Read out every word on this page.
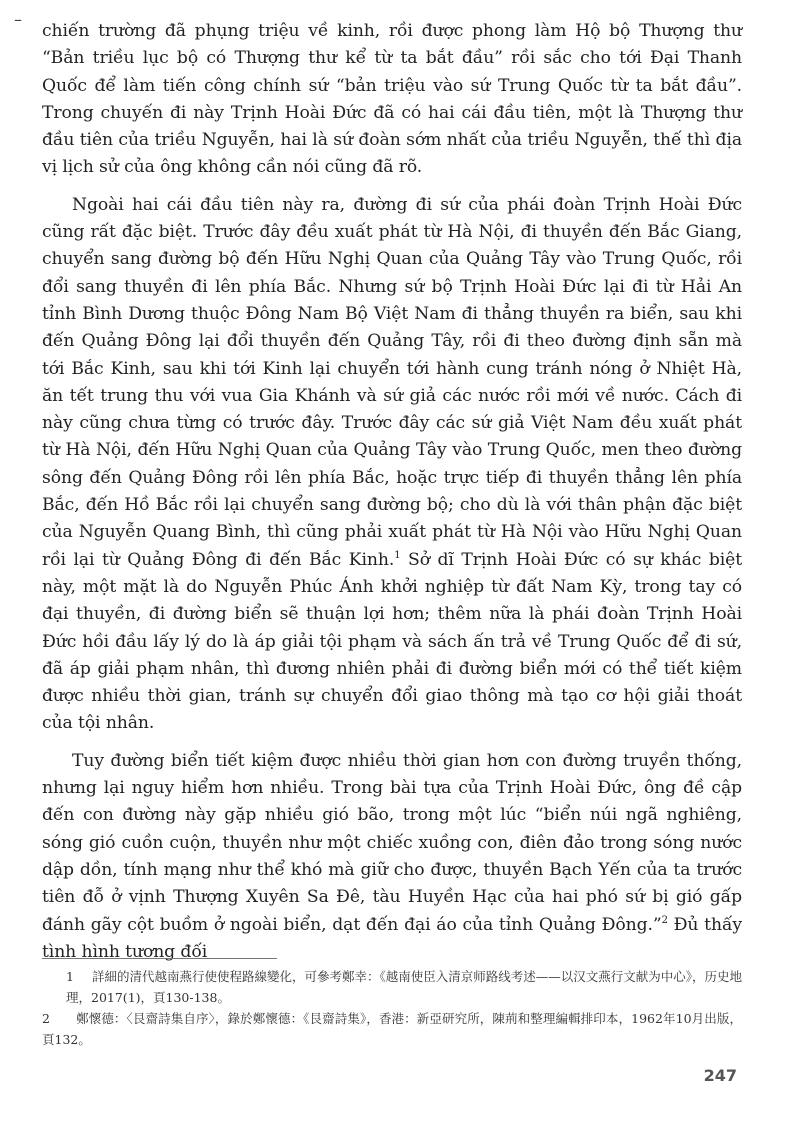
–

chiến trường đã phụng triệu về kinh, rồi được phong làm Hộ bộ Thượng thư “Bản triều lục bộ có Thượng thư kể từ ta bắt đầu” rồi sắc cho tới Đại Thanh Quốc để làm tiến công chính sứ “bản triệu vào sứ Trung Quốc từ ta bắt đầu”. Trong chuyến đi này Trịnh Hoài Đức đã có hai cái đầu tiên, một là Thượng thư đầu tiên của triều Nguyễn, hai là sứ đoàn sớm nhất của triều Nguyễn, thế thì địa vị lịch sử của ông không cần nói cũng đã rõ.

Ngoài hai cái đầu tiên này ra, đường đi sứ của phái đoàn Trịnh Hoài Đức cũng rất đặc biệt. Trước đây đều xuất phát từ Hà Nội, đi thuyền đến Bắc Giang, chuyển sang đường bộ đến Hữu Nghị Quan của Quảng Tây vào Trung Quốc, rồi đổi sang thuyền đi lên phía Bắc. Nhưng sứ bộ Trịnh Hoài Đức lại đi từ Hải An tỉnh Bình Dương thuộc Đông Nam Bộ Việt Nam đi thẳng thuyền ra biển, sau khi đến Quảng Đông lại đổi thuyền đến Quảng Tây, rồi đi theo đường định sẵn mà tới Bắc Kinh, sau khi tới Kinh lại chuyển tới hành cung tránh nóng ở Nhiệt Hà, ăn tết trung thu với vua Gia Khánh và sứ giả các nước rồi mới về nước. Cách đi này cũng chưa từng có trước đây. Trước đây các sứ giả Việt Nam đều xuất phát từ Hà Nội, đến Hữu Nghị Quan của Quảng Tây vào Trung Quốc, men theo đường sông đến Quảng Đông rồi lên phía Bắc, hoặc trực tiếp đi thuyền thẳng lên phía Bắc, đến Hồ Bắc rồi lại chuyển sang đường bộ; cho dù là với thân phận đặc biệt của Nguyễn Quang Bình, thì cũng phải xuất phát từ Hà Nội vào Hữu Nghị Quan rồi lại từ Quảng Đông đi đến Bắc Kinh.$^1$ Sở dĩ Trịnh Hoài Đức có sự khác biệt này, một mặt là do Nguyễn Phúc Ánh khởi nghiệp từ đất Nam Kỳ, trong tay có đại thuyền, đi đường biển sẽ thuận lợi hơn; thêm nữa là phái đoàn Trịnh Hoài Đức hồi đầu lấy lý do là áp giải tội phạm và sách ấn trả về Trung Quốc để đi sứ, đã áp giải phạm nhân, thì đương nhiên phải đi đường biển mới có thể tiết kiệm được nhiều thời gian, tránh sự chuyển đổi giao thông mà tạo cơ hội giải thoát của tội nhân.

Tuy đường biển tiết kiệm được nhiều thời gian hơn con đường truyền thống, nhưng lại nguy hiểm hơn nhiều. Trong bài tựa của Trịnh Hoài Đức, ông đề cập đến con đường này gặp nhiều gió bão, trong một lúc “biển núi ngã nghiêng, sóng gió cuồn cuộn, thuyền như một chiếc xuồng con, điên đảo trong sóng nước dập dồn, tính mạng như thể khó mà giữ cho được, thuyền Bạch Yến của ta trước tiên đỗ ở vịnh Thượng Xuyên Sa Đê, tàu Huyền Hạc của hai phó sứ bị gió gấp đánh gãy cột buồm ở ngoài biển, dạt đến đại áo của tỉnh Quảng Đông.”$^2$ Đủ thấy tình hình tương đối

1 詳細的清代越南燕行使使程路線變化，可參考鄭幸：《越南使臣入清京师路线考述——以汉文燕行文献为中心》，历史地理，2017(1)，頁130-138。

2 鄭懷德：〈艮齋詩集自序〉，錄於鄭懷德：《艮齋詩集》，香港：新亞研究所，陳荊和整理編輯排印本，1962年10月出版，頁132。

247
